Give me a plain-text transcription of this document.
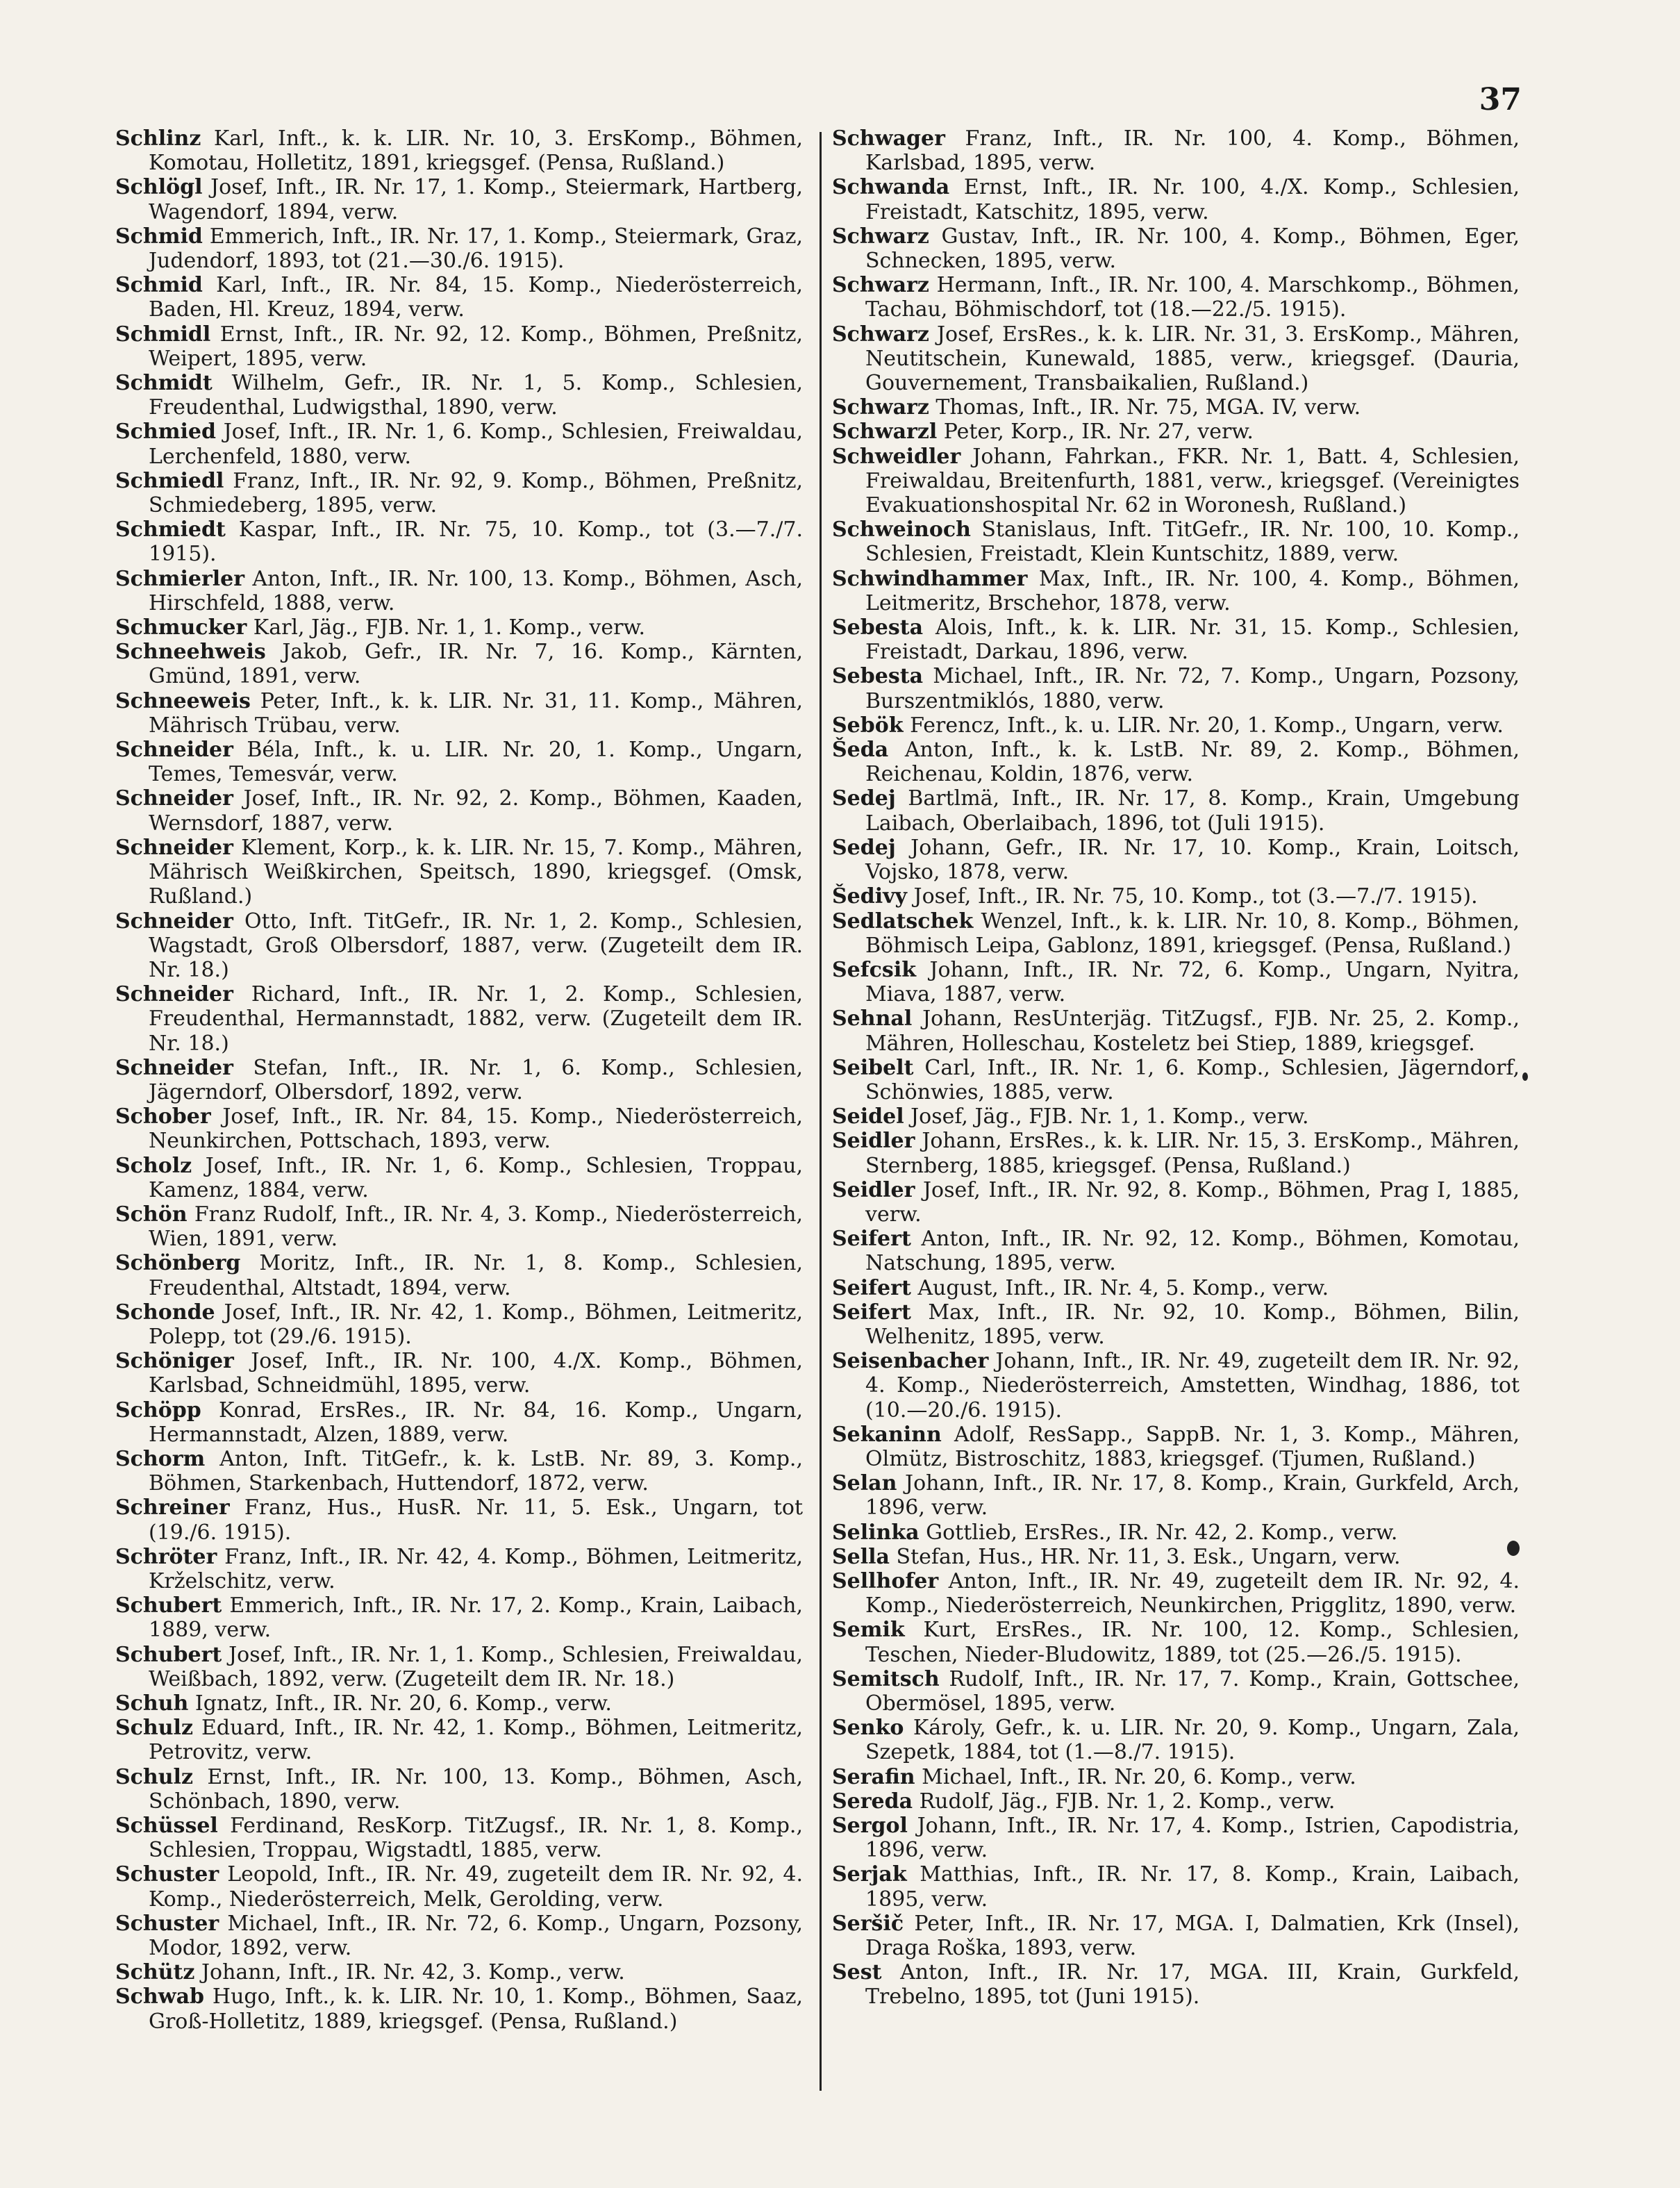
37

Schlinz Karl, Inft., k. k. LIR. Nr. 10, 3. ErsKomp., Böhmen, Komotau, Holletitz, 1891, kriegsgef. (Pensa, Rußland.)

Schlögl Josef, Inft., IR. Nr. 17, 1. Komp., Steiermark, Hartberg, Wagendorf, 1894, verw.

Schmid Emmerich, Inft., IR. Nr. 17, 1. Komp., Steiermark, Graz, Judendorf, 1893, tot (21.—30./6. 1915).

Schmid Karl, Inft., IR. Nr. 84, 15. Komp., Niederösterreich, Baden, Hl. Kreuz, 1894, verw.

Schmidl Ernst, Inft., IR. Nr. 92, 12. Komp., Böhmen, Preßnitz, Weipert, 1895, verw.

Schmidt Wilhelm, Gefr., IR. Nr. 1, 5. Komp., Schlesien, Freudenthal, Ludwigsthal, 1890, verw.

Schmied Josef, Inft., IR. Nr. 1, 6. Komp., Schlesien, Freiwaldau, Lerchenfeld, 1880, verw.

Schmiedl Franz, Inft., IR. Nr. 92, 9. Komp., Böhmen, Preßnitz, Schmiedeberg, 1895, verw.

Schmiedt Kaspar, Inft., IR. Nr. 75, 10. Komp., tot (3.—7./7. 1915).

Schmierler Anton, Inft., IR. Nr. 100, 13. Komp., Böhmen, Asch, Hirschfeld, 1888, verw.

Schmucker Karl, Jäg., FJB. Nr. 1, 1. Komp., verw.

Schneehweis Jakob, Gefr., IR. Nr. 7, 16. Komp., Kärnten, Gmünd, 1891, verw.

Schneeweis Peter, Inft., k. k. LIR. Nr. 31, 11. Komp., Mähren, Mährisch Trübau, verw.

Schneider Béla, Inft., k. u. LIR. Nr. 20, 1. Komp., Ungarn, Temes, Temesvár, verw.

Schneider Josef, Inft., IR. Nr. 92, 2. Komp., Böhmen, Kaaden, Wernsdorf, 1887, verw.

Schneider Klement, Korp., k. k. LIR. Nr. 15, 7. Komp., Mähren, Mährisch Weißkirchen, Speitsch, 1890, kriegsgef. (Omsk, Rußland.)

Schneider Otto, Inft. TitGefr., IR. Nr. 1, 2. Komp., Schlesien, Wagstadt, Groß Olbersdorf, 1887, verw. (Zugeteilt dem IR. Nr. 18.)

Schneider Richard, Inft., IR. Nr. 1, 2. Komp., Schlesien, Freudenthal, Hermannstadt, 1882, verw. (Zugeteilt dem IR. Nr. 18.)

Schneider Stefan, Inft., IR. Nr. 1, 6. Komp., Schlesien, Jägerndorf, Olbersdorf, 1892, verw.

Schober Josef, Inft., IR. Nr. 84, 15. Komp., Niederösterreich, Neunkirchen, Pottschach, 1893, verw.

Scholz Josef, Inft., IR. Nr. 1, 6. Komp., Schlesien, Troppau, Kamenz, 1884, verw.

Schön Franz Rudolf, Inft., IR. Nr. 4, 3. Komp., Niederösterreich, Wien, 1891, verw.

Schönberg Moritz, Inft., IR. Nr. 1, 8. Komp., Schlesien, Freudenthal, Altstadt, 1894, verw.

Schonde Josef, Inft., IR. Nr. 42, 1. Komp., Böhmen, Leitmeritz, Polepp, tot (29./6. 1915).

Schöniger Josef, Inft., IR. Nr. 100, 4./X. Komp., Böhmen, Karlsbad, Schneidmühl, 1895, verw.

Schöpp Konrad, ErsRes., IR. Nr. 84, 16. Komp., Ungarn, Hermannstadt, Alzen, 1889, verw.

Schorm Anton, Inft. TitGefr., k. k. LstB. Nr. 89, 3. Komp., Böhmen, Starkenbach, Huttendorf, 1872, verw.

Schreiner Franz, Hus., HusR. Nr. 11, 5. Esk., Ungarn, tot (19./6. 1915).

Schröter Franz, Inft., IR. Nr. 42, 4. Komp., Böhmen, Leitmeritz, Krželschitz, verw.

Schubert Emmerich, Inft., IR. Nr. 17, 2. Komp., Krain, Laibach, 1889, verw.

Schubert Josef, Inft., IR. Nr. 1, 1. Komp., Schlesien, Freiwaldau, Weißbach, 1892, verw. (Zugeteilt dem IR. Nr. 18.)

Schuh Ignatz, Inft., IR. Nr. 20, 6. Komp., verw.

Schulz Eduard, Inft., IR. Nr. 42, 1. Komp., Böhmen, Leitmeritz, Petrovitz, verw.

Schulz Ernst, Inft., IR. Nr. 100, 13. Komp., Böhmen, Asch, Schönbach, 1890, verw.

Schüssel Ferdinand, ResKorp. TitZugsf., IR. Nr. 1, 8. Komp., Schlesien, Troppau, Wigstadtl, 1885, verw.

Schuster Leopold, Inft., IR. Nr. 49, zugeteilt dem IR. Nr. 92, 4. Komp., Niederösterreich, Melk, Gerolding, verw.

Schuster Michael, Inft., IR. Nr. 72, 6. Komp., Ungarn, Pozsony, Modor, 1892, verw.

Schütz Johann, Inft., IR. Nr. 42, 3. Komp., verw.

Schwab Hugo, Inft., k. k. LIR. Nr. 10, 1. Komp., Böhmen, Saaz, Groß-Holletitz, 1889, kriegsgef. (Pensa, Rußland.)

Schwager Franz, Inft., IR. Nr. 100, 4. Komp., Böhmen, Karlsbad, 1895, verw.

Schwanda Ernst, Inft., IR. Nr. 100, 4./X. Komp., Schlesien, Freistadt, Katschitz, 1895, verw.

Schwarz Gustav, Inft., IR. Nr. 100, 4. Komp., Böhmen, Eger, Schnecken, 1895, verw.

Schwarz Hermann, Inft., IR. Nr. 100, 4. Marschkomp., Böhmen, Tachau, Böhmischdorf, tot (18.—22./5. 1915).

Schwarz Josef, ErsRes., k. k. LIR. Nr. 31, 3. ErsKomp., Mähren, Neutitschein, Kunewald, 1885, verw., kriegsgef. (Dauria, Gouvernement, Transbaikalien, Rußland.)

Schwarz Thomas, Inft., IR. Nr. 75, MGA. IV, verw.

Schwarzl Peter, Korp., IR. Nr. 27, verw.

Schweidler Johann, Fahrkan., FKR. Nr. 1, Batt. 4, Schlesien, Freiwaldau, Breitenfurth, 1881, verw., kriegsgef. (Vereinigtes Evakuationshospital Nr. 62 in Woronesh, Rußland.)

Schweinoch Stanislaus, Inft. TitGefr., IR. Nr. 100, 10. Komp., Schlesien, Freistadt, Klein Kuntschitz, 1889, verw.

Schwindhammer Max, Inft., IR. Nr. 100, 4. Komp., Böhmen, Leitmeritz, Brschehor, 1878, verw.

Sebesta Alois, Inft., k. k. LIR. Nr. 31, 15. Komp., Schlesien, Freistadt, Darkau, 1896, verw.

Sebesta Michael, Inft., IR. Nr. 72, 7. Komp., Ungarn, Pozsony, Burszentmiklós, 1880, verw.

Sebök Ferencz, Inft., k. u. LIR. Nr. 20, 1. Komp., Ungarn, verw.

Šeda Anton, Inft., k. k. LstB. Nr. 89, 2. Komp., Böhmen, Reichenau, Koldin, 1876, verw.

Sedej Bartlmä, Inft., IR. Nr. 17, 8. Komp., Krain, Umgebung Laibach, Oberlaibach, 1896, tot (Juli 1915).

Sedej Johann, Gefr., IR. Nr. 17, 10. Komp., Krain, Loitsch, Vojsko, 1878, verw.

Šedivy Josef, Inft., IR. Nr. 75, 10. Komp., tot (3.—7./7. 1915).

Sedlatschek Wenzel, Inft., k. k. LIR. Nr. 10, 8. Komp., Böhmen, Böhmisch Leipa, Gablonz, 1891, kriegsgef. (Pensa, Rußland.)

Sefcsik Johann, Inft., IR. Nr. 72, 6. Komp., Ungarn, Nyitra, Miava, 1887, verw.

Sehnal Johann, ResUnterjäg. TitZugsf., FJB. Nr. 25, 2. Komp., Mähren, Holleschau, Kosteletz bei Stiep, 1889, kriegsgef.

Seibelt Carl, Inft., IR. Nr. 1, 6. Komp., Schlesien, Jägerndorf, Schönwies, 1885, verw.

Seidel Josef, Jäg., FJB. Nr. 1, 1. Komp., verw.

Seidler Johann, ErsRes., k. k. LIR. Nr. 15, 3. ErsKomp., Mähren, Sternberg, 1885, kriegsgef. (Pensa, Rußland.)

Seidler Josef, Inft., IR. Nr. 92, 8. Komp., Böhmen, Prag I, 1885, verw.

Seifert Anton, Inft., IR. Nr. 92, 12. Komp., Böhmen, Komotau, Natschung, 1895, verw.

Seifert August, Inft., IR. Nr. 4, 5. Komp., verw.

Seifert Max, Inft., IR. Nr. 92, 10. Komp., Böhmen, Bilin, Welhenitz, 1895, verw.

Seisenbacher Johann, Inft., IR. Nr. 49, zugeteilt dem IR. Nr. 92, 4. Komp., Niederösterreich, Amstetten, Windhag, 1886, tot (10.—20./6. 1915).

Sekaninn Adolf, ResSapp., SappB. Nr. 1, 3. Komp., Mähren, Olmütz, Bistroschitz, 1883, kriegsgef. (Tjumen, Rußland.)

Selan Johann, Inft., IR. Nr. 17, 8. Komp., Krain, Gurkfeld, Arch, 1896, verw.

Selinka Gottlieb, ErsRes., IR. Nr. 42, 2. Komp., verw.

Sella Stefan, Hus., HR. Nr. 11, 3. Esk., Ungarn, verw.

Sellhofer Anton, Inft., IR. Nr. 49, zugeteilt dem IR. Nr. 92, 4. Komp., Niederösterreich, Neunkirchen, Prigglitz, 1890, verw.

Semik Kurt, ErsRes., IR. Nr. 100, 12. Komp., Schlesien, Teschen, Nieder-Bludowitz, 1889, tot (25.—26./5. 1915).

Semitsch Rudolf, Inft., IR. Nr. 17, 7. Komp., Krain, Gottschee, Obermösel, 1895, verw.

Senko Károly, Gefr., k. u. LIR. Nr. 20, 9. Komp., Ungarn, Zala, Szepetk, 1884, tot (1.—8./7. 1915).

Serafin Michael, Inft., IR. Nr. 20, 6. Komp., verw.

Sereda Rudolf, Jäg., FJB. Nr. 1, 2. Komp., verw.

Sergol Johann, Inft., IR. Nr. 17, 4. Komp., Istrien, Capodistria, 1896, verw.

Serjak Matthias, Inft., IR. Nr. 17, 8. Komp., Krain, Laibach, 1895, verw.

Seršič Peter, Inft., IR. Nr. 17, MGA. I, Dalmatien, Krk (Insel), Draga Roška, 1893, verw.

Sest Anton, Inft., IR. Nr. 17, MGA. III, Krain, Gurkfeld, Trebelno, 1895, tot (Juni 1915).
